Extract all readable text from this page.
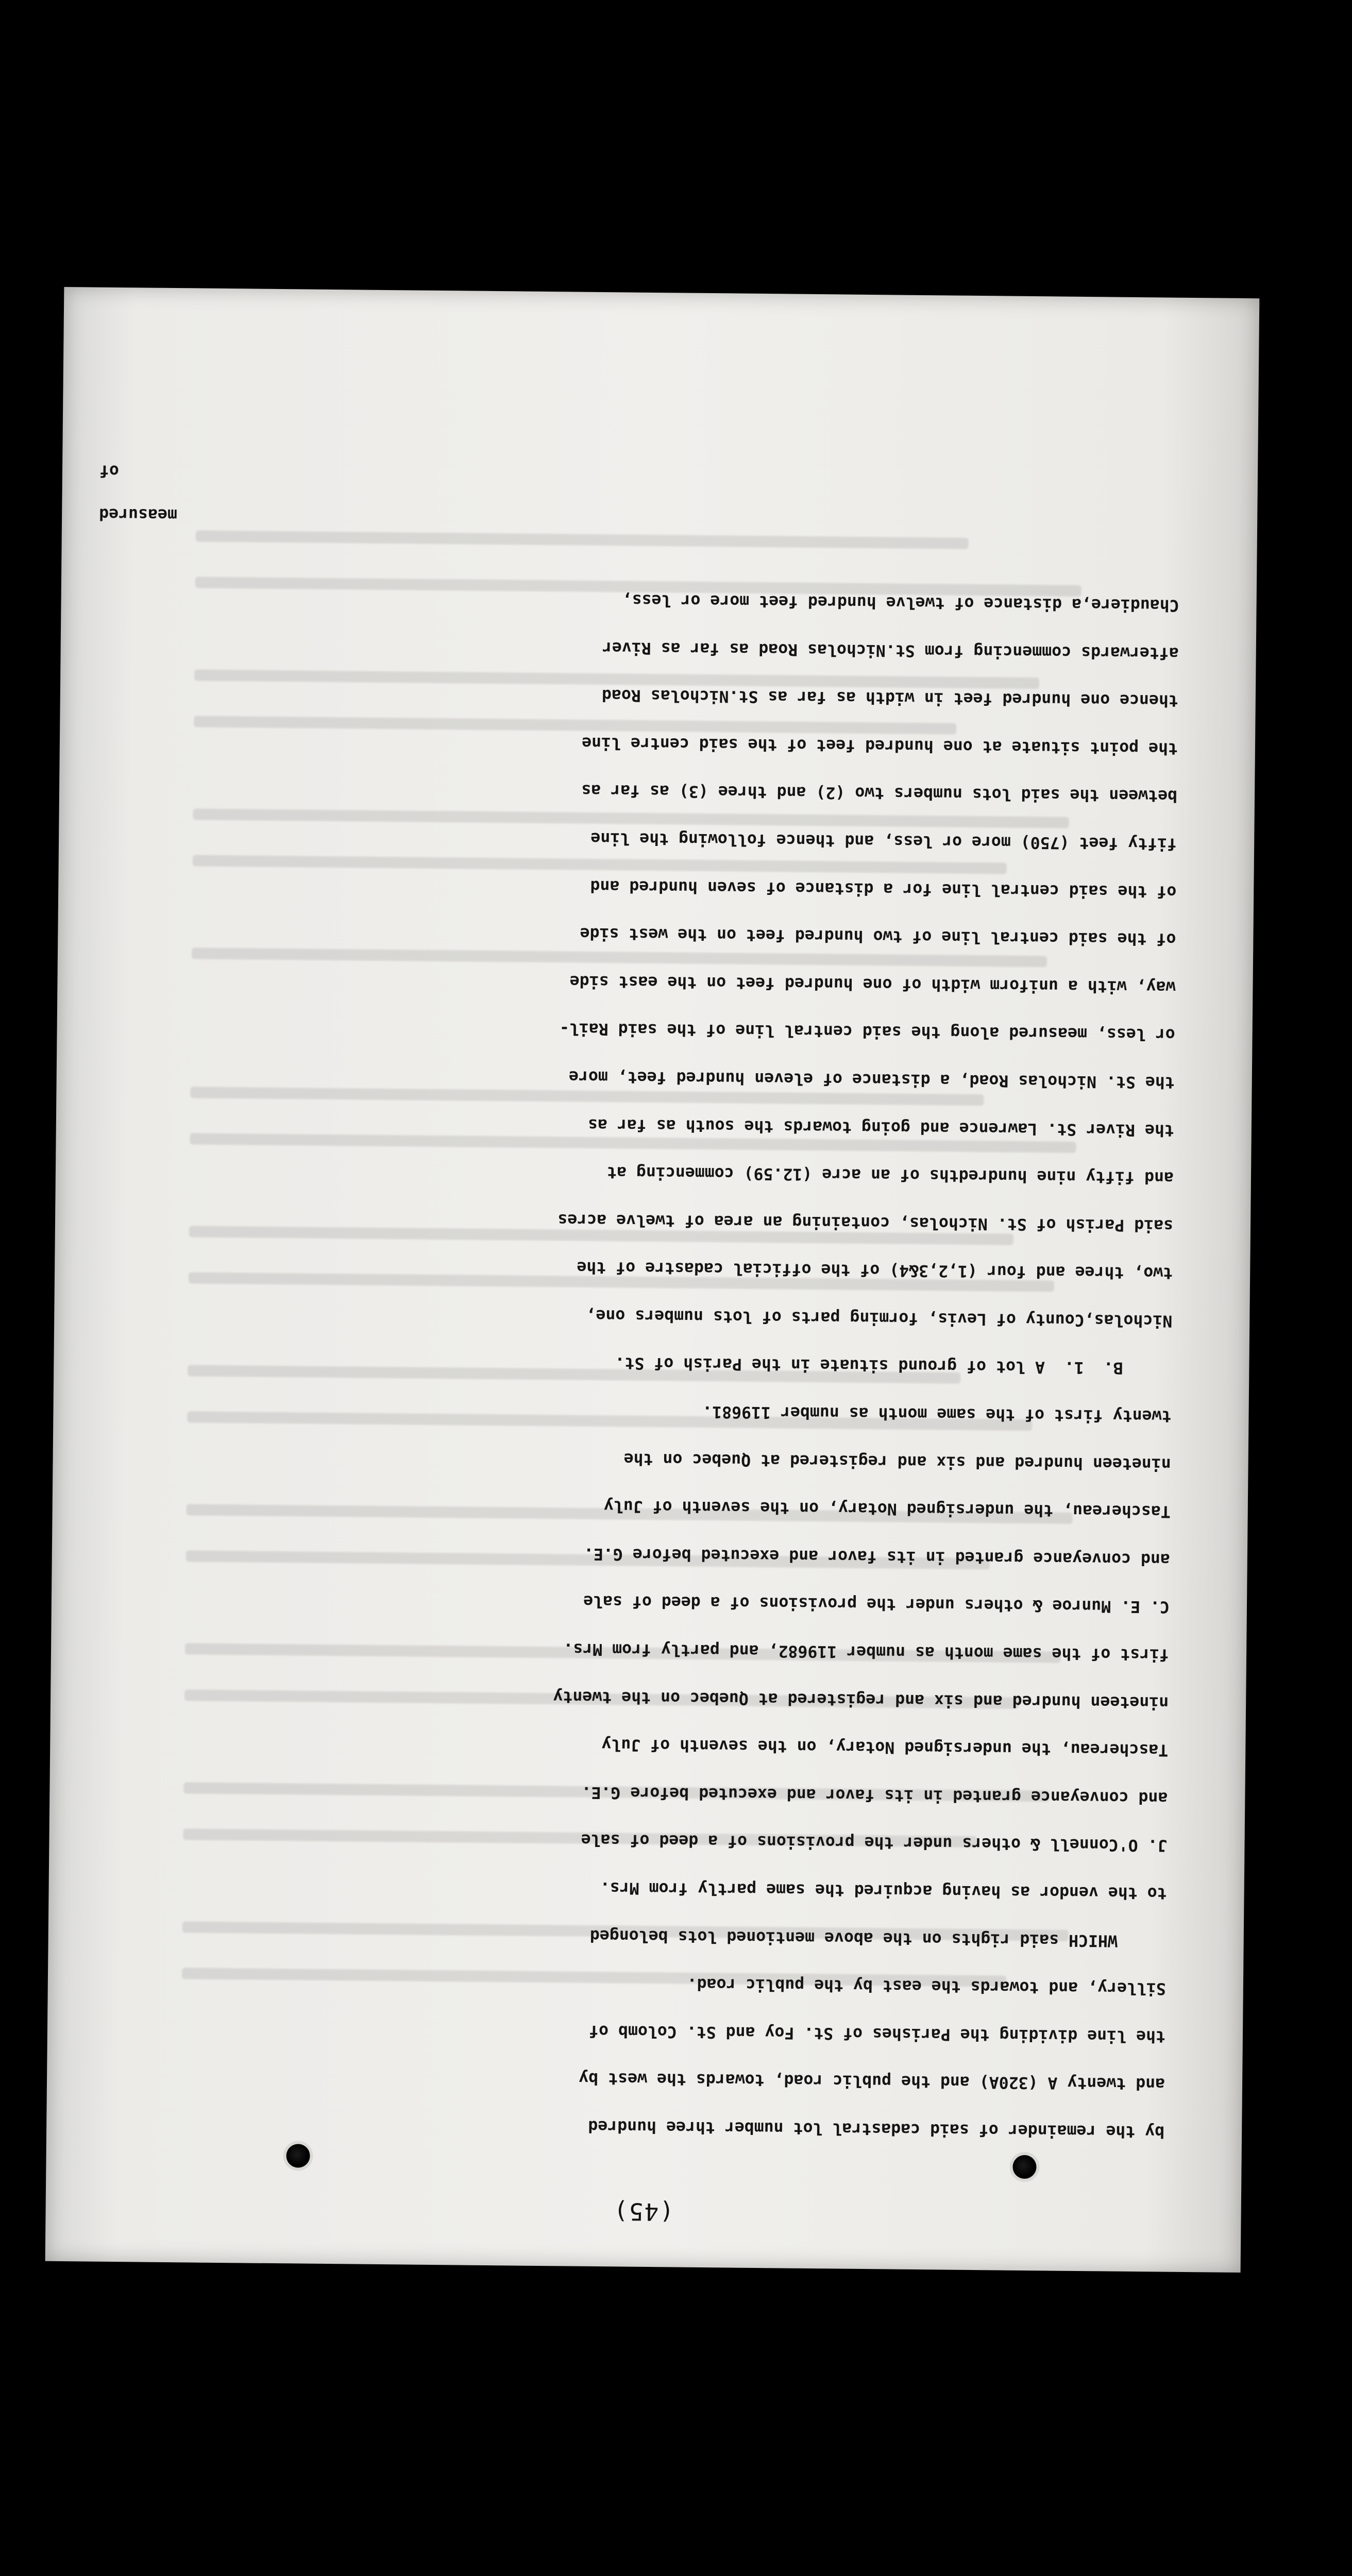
(45)
by the remainder of said cadastral lot number three hundred
and twenty A (320A) and the public road, towards the west by
the line dividing the Parishes of St. Foy and St. Colomb of
Sillery, and towards the east by the public road.
WHICH said rights on the above mentioned lots belonged
to the vendor as having acquired the same partly from Mrs.
J. O'Connell & others under the provisions of a deed of sale
and conveyance granted in its favor and executed before G.E.
Taschereau, the undersigned Notary, on the seventh of July
nineteen hundred and six and registered at Quebec on the twenty
first of the same month as number 119682, and partly from Mrs.
C. E. Munroe & others under the provisions of a deed of sale
and conveyance granted in its favor and executed before G.E.
Taschereau, the undersigned Notary, on the seventh of July
nineteen hundred and six and registered at Quebec on the
twenty first of the same month as number 119681.
B.  1.  A lot of ground situate in the Parish of St.
Nicholas,County of Levis, forming parts of lots numbers one,
two, three and four (1,2,3&4) of the official cadastre of the
said Parish of St. Nicholas, containing an area of twelve acres
and fifty nine hundredths of an acre (12.59) commencing at
the River St. Lawrence and going towards the south as far as
the St. Nicholas Road, a distance of eleven hundred feet, more
or less, measured along the said central line of the said Rail-
way, with a uniform width of one hundred feet on the east side
of the said central line of two hundred feet on the west side
of the said central line for a distance of seven hundred and
fifty feet (750) more or less, and thence following the line
between the said lots numbers two (2) and three (3) as far as
the point situate at one hundred feet of the said centre line
thence one hundred feet in width as far as St.Nicholas Road
afterwards commencing from St.Nicholas Road as far as River
Chaudiere,a distance of twelve hundred feet more or less,
measured
of
